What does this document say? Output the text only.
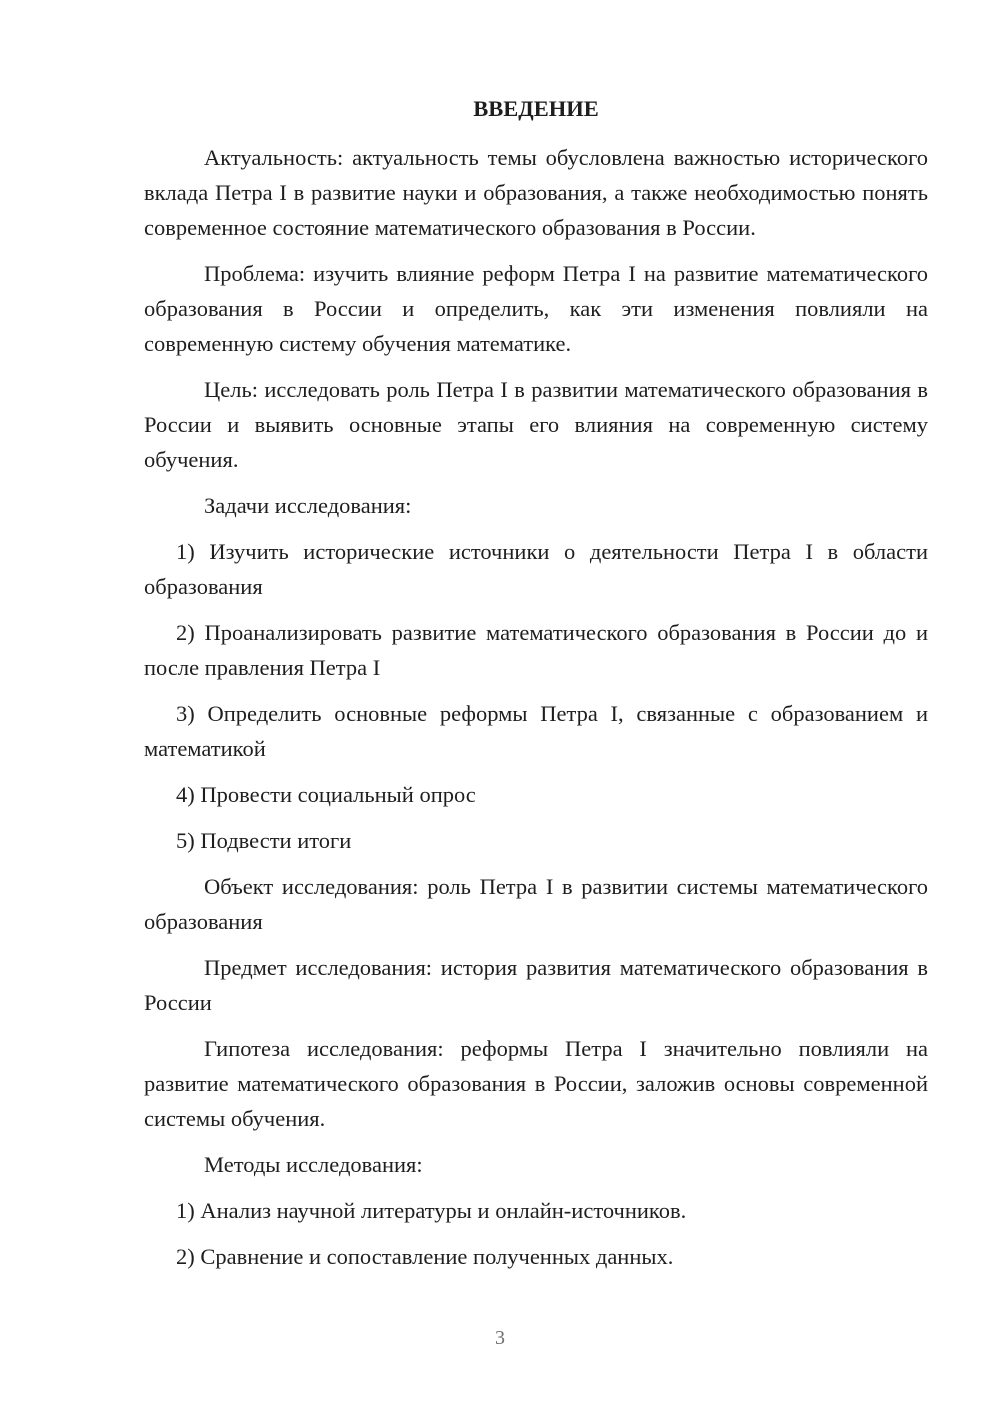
ВВЕДЕНИЕ

Актуальность: актуальность темы обусловлена важностью исторического вклада Петра I в развитие науки и образования, а также необходимостью понять современное состояние математического образования в России.

Проблема: изучить влияние реформ Петра I на развитие математического образования в России и определить, как эти изменения повлияли на современную систему обучения математике.

Цель: исследовать роль Петра I в развитии математического образования в России и выявить основные этапы его влияния на современную систему обучения.

Задачи исследования:

1) Изучить исторические источники о деятельности Петра I в области образования

2) Проанализировать развитие математического образования в России до и после правления Петра I

3) Определить основные реформы Петра I, связанные с образованием и математикой

4) Провести социальный опрос

5) Подвести итоги

Объект исследования: роль Петра I в развитии системы математического образования

Предмет исследования: история развития математического образования в России

Гипотеза исследования: реформы Петра I значительно повлияли на развитие математического образования в России, заложив основы современной системы обучения.

Методы исследования:

1) Анализ научной литературы и онлайн-источников.

2) Сравнение и сопоставление полученных данных.

3
